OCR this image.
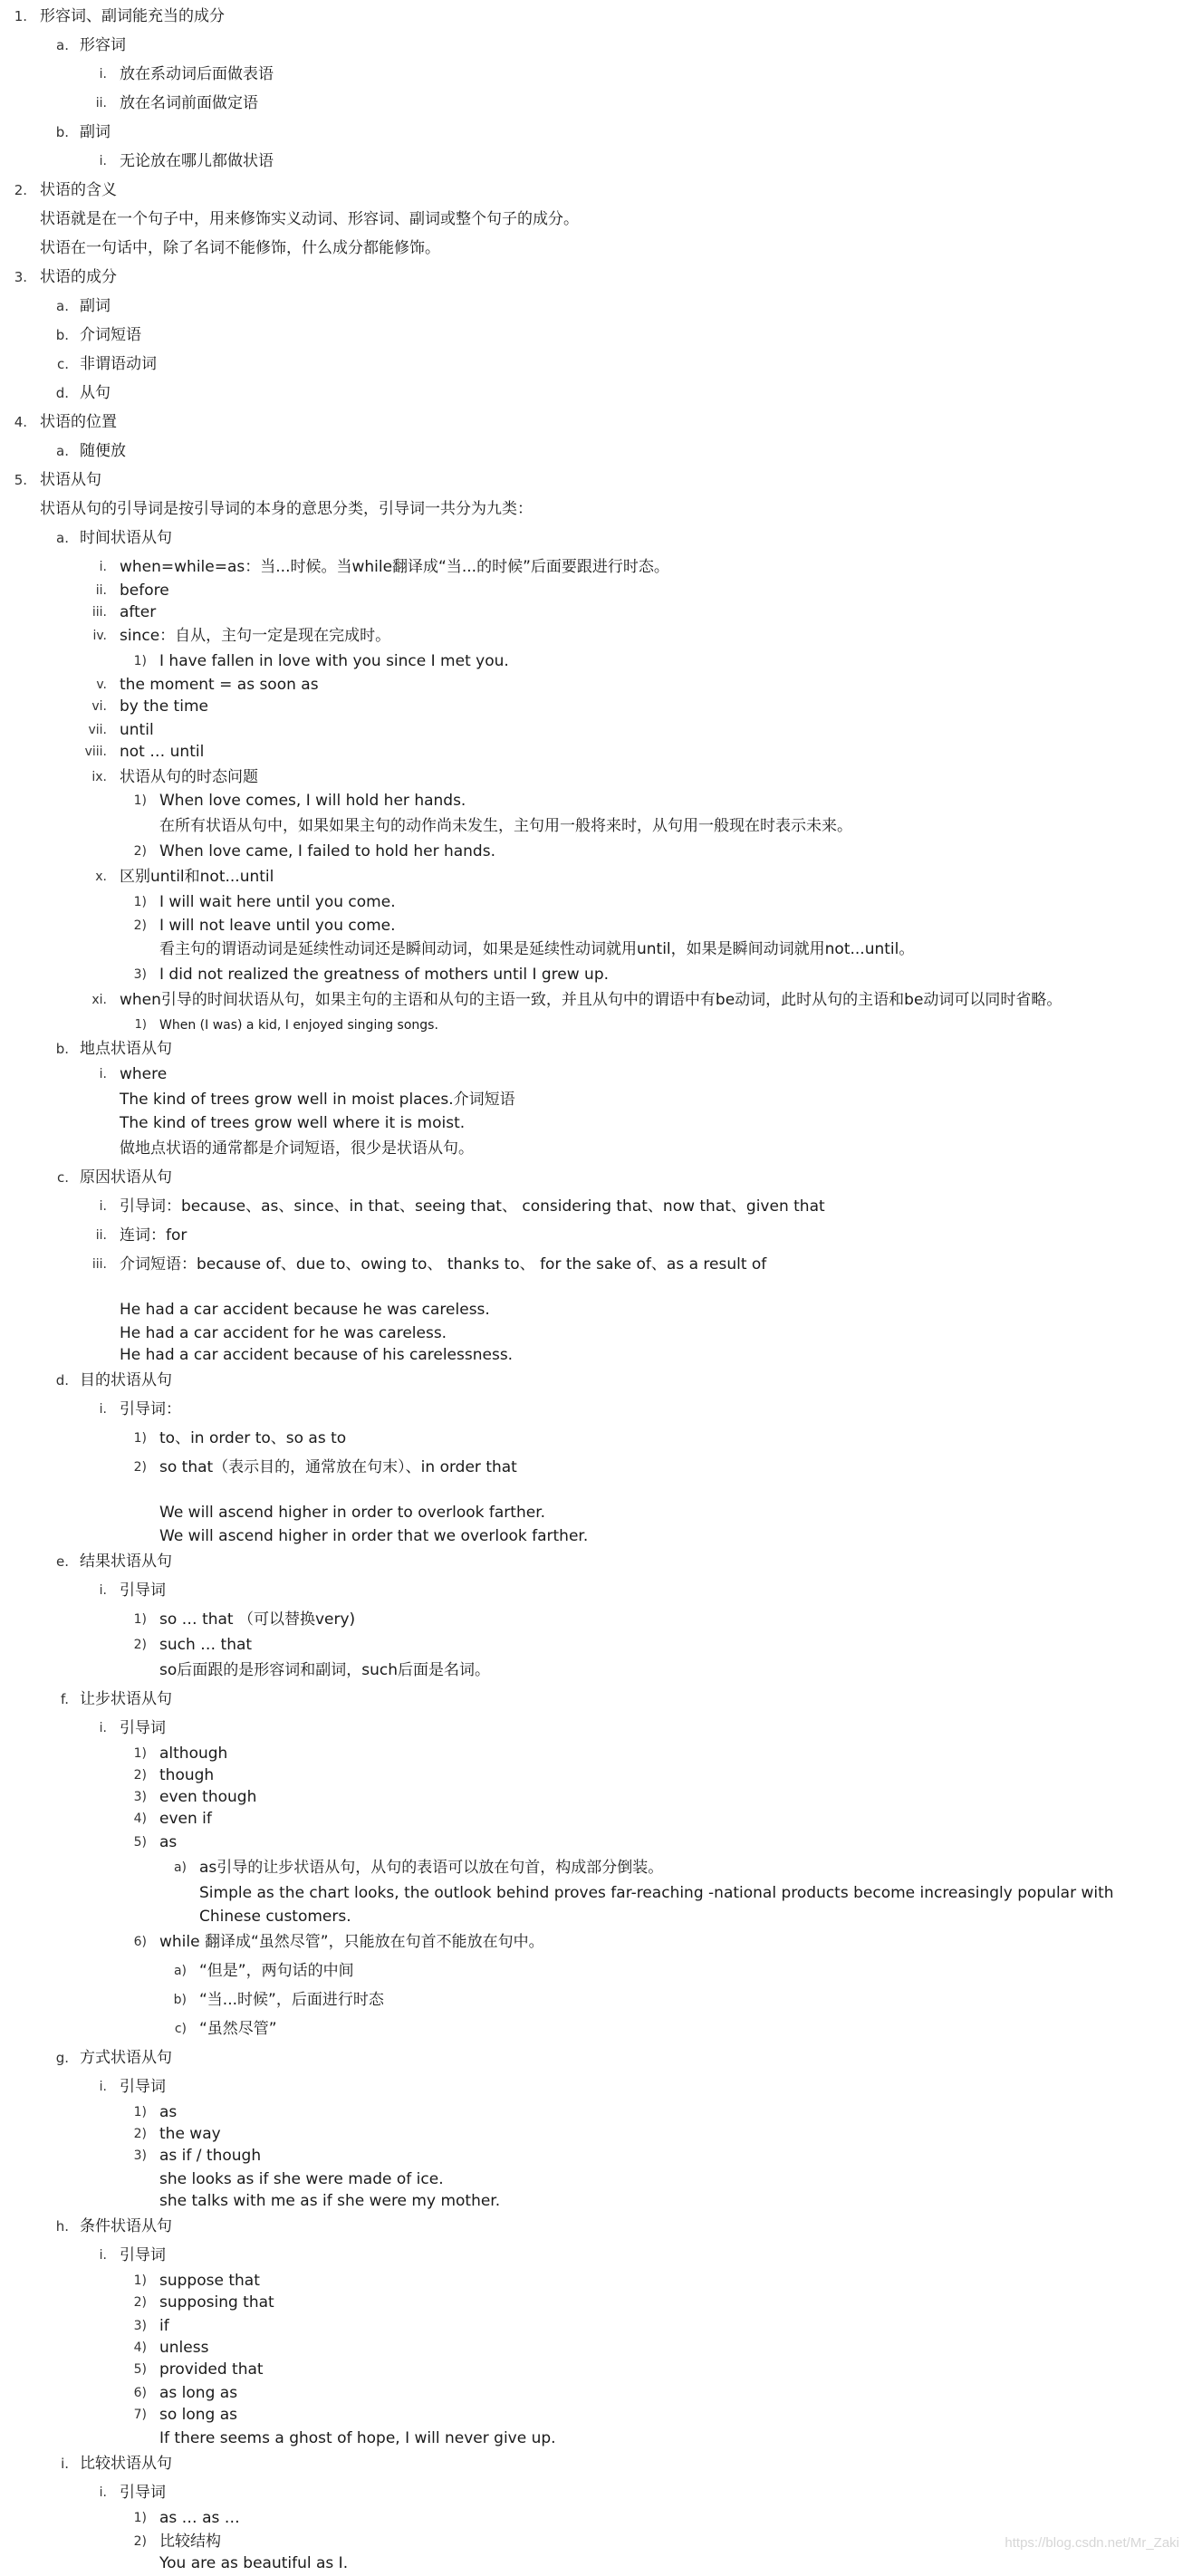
1. 形容词、副词能充当的成分
a. 形容词
i. 放在系动词后面做表语
ii. 放在名词前面做定语
b. 副词
i. 无论放在哪儿都做状语
2. 状语的含义
状语就是在一个句子中，用来修饰实义动词、形容词、副词或整个句子的成分。
状语在一句话中，除了名词不能修饰，什么成分都能修饰。
3. 状语的成分
a. 副词
b. 介词短语
c. 非谓语动词
d. 从句
4. 状语的位置
a. 随便放
5. 状语从句
状语从句的引导词是按引导词的本身的意思分类，引导词一共分为九类：
a. 时间状语从句
i. when=while=as：当...时候。当while翻译成“当...的时候”后面要跟进行时态。
ii. before
iii. after
iv. since：自从，主句一定是现在完成时。
1) I have fallen in love with you since I met you.
v. the moment = as soon as
vi. by the time
vii. until
viii. not … until
ix. 状语从句的时态问题
1) When love comes, I will hold her hands.
在所有状语从句中，如果如果主句的动作尚未发生，主句用一般将来时，从句用一般现在时表示未来。
2) When love came, I failed to hold her hands.
x. 区别until和not...until
1) I will wait here until you come.
2) I will not leave until you come.
看主句的谓语动词是延续性动词还是瞬间动词，如果是延续性动词就用until，如果是瞬间动词就用not...until。
3) I did not realized the greatness of mothers until I grew up.
xi. when引导的时间状语从句，如果主句的主语和从句的主语一致，并且从句中的谓语中有be动词，此时从句的主语和be动词可以同时省略。
1) When (I was) a kid, I enjoyed singing songs.
b. 地点状语从句
i. where
The kind of trees grow well in moist places.介词短语
The kind of trees grow well where it is moist.
做地点状语的通常都是介词短语，很少是状语从句。
c. 原因状语从句
i. 引导词：because、as、since、in that、seeing that、 considering that、now that、given that
ii. 连词：for
iii. 介词短语：because of、due to、owing to、 thanks to、 for the sake of、as a result of
He had a car accident because he was careless.
He had a car accident for he was careless.
He had a car accident because of his carelessness.
d. 目的状语从句
i. 引导词：
1) to、in order to、so as to
2) so that（表示目的，通常放在句末）、in order that
We will ascend higher in order to overlook farther.
We will ascend higher in order that we overlook farther.
e. 结果状语从句
i. 引导词
1) so … that （可以替换very)
2) such … that
so后面跟的是形容词和副词，such后面是名词。
f. 让步状语从句
i. 引导词
1) although
2) though
3) even though
4) even if
5) as
a) as引导的让步状语从句，从句的表语可以放在句首，构成部分倒装。
Simple as the chart looks, the outlook behind proves far-reaching -national products become increasingly popular with
Chinese customers.
6) while 翻译成“虽然尽管”，只能放在句首不能放在句中。
a) “但是”，两句话的中间
b) “当...时候”，后面进行时态
c) “虽然尽管”
g. 方式状语从句
i. 引导词
1) as
2) the way
3) as if / though
she looks as if she were made of ice.
she talks with me as if she were my mother.
h. 条件状语从句
i. 引导词
1) suppose that
2) supposing that
3) if
4) unless
5) provided that
6) as long as
7) so long as
If there seems a ghost of hope, I will never give up.
i. 比较状语从句
i. 引导词
1) as … as …
2) 比较结构
You are as beautiful as I.
https://blog.csdn.net/Mr_Zaki
